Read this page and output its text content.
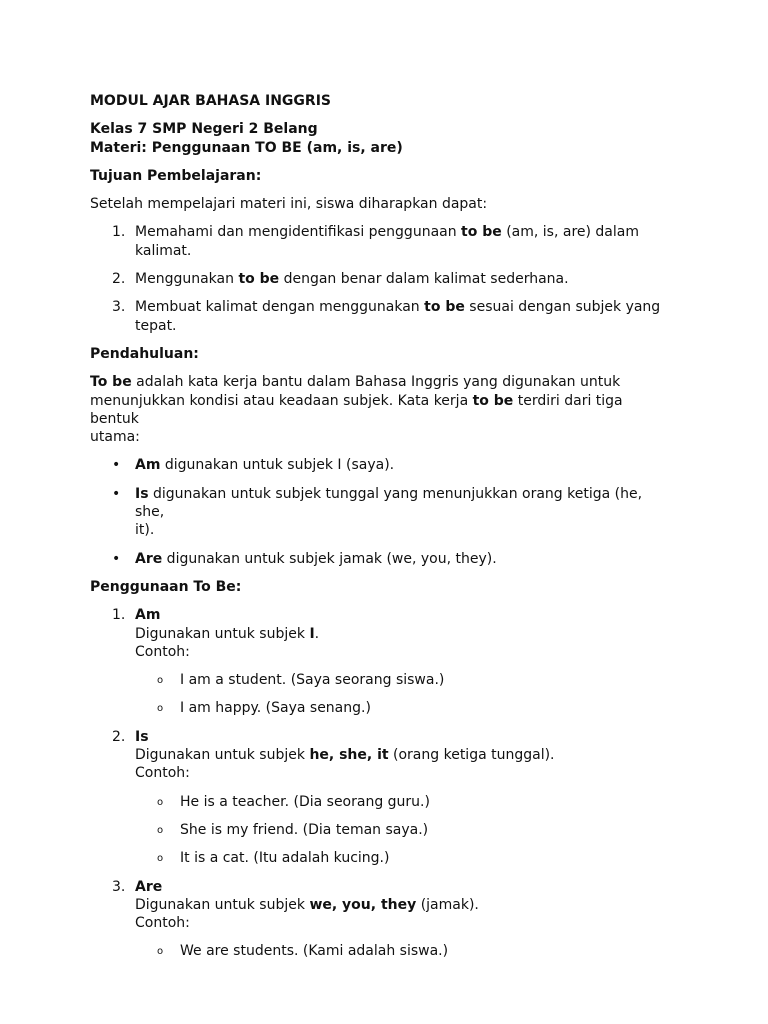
MODUL AJAR BAHASA INGGRIS

Kelas 7 SMP Negeri 2 Belang

Materi: Penggunaan TO BE (am, is, are)

Tujuan Pembelajaran:

Setelah mempelajari materi ini, siswa diharapkan dapat:

1. Memahami dan mengidentifikasi penggunaan to be (am, is, are) dalam

kalimat.

2. Menggunakan to be dengan benar dalam kalimat sederhana.

3. Membuat kalimat dengan menggunakan to be sesuai dengan subjek yang

tepat.

Pendahuluan:

To be adalah kata kerja bantu dalam Bahasa Inggris yang digunakan untuk

menunjukkan kondisi atau keadaan subjek. Kata kerja to be terdiri dari tiga bentuk

utama:

• Am digunakan untuk subjek I (saya).

• Is digunakan untuk subjek tunggal yang menunjukkan orang ketiga (he, she,

it).

• Are digunakan untuk subjek jamak (we, you, they).

Penggunaan To Be:

1. Am

Digunakan untuk subjek I.

Contoh:

o I am a student. (Saya seorang siswa.)

o I am happy. (Saya senang.)

2. Is

Digunakan untuk subjek he, she, it (orang ketiga tunggal).

Contoh:

o He is a teacher. (Dia seorang guru.)

o She is my friend. (Dia teman saya.)

o It is a cat. (Itu adalah kucing.)

3. Are

Digunakan untuk subjek we, you, they (jamak).

Contoh:

o We are students. (Kami adalah siswa.)
